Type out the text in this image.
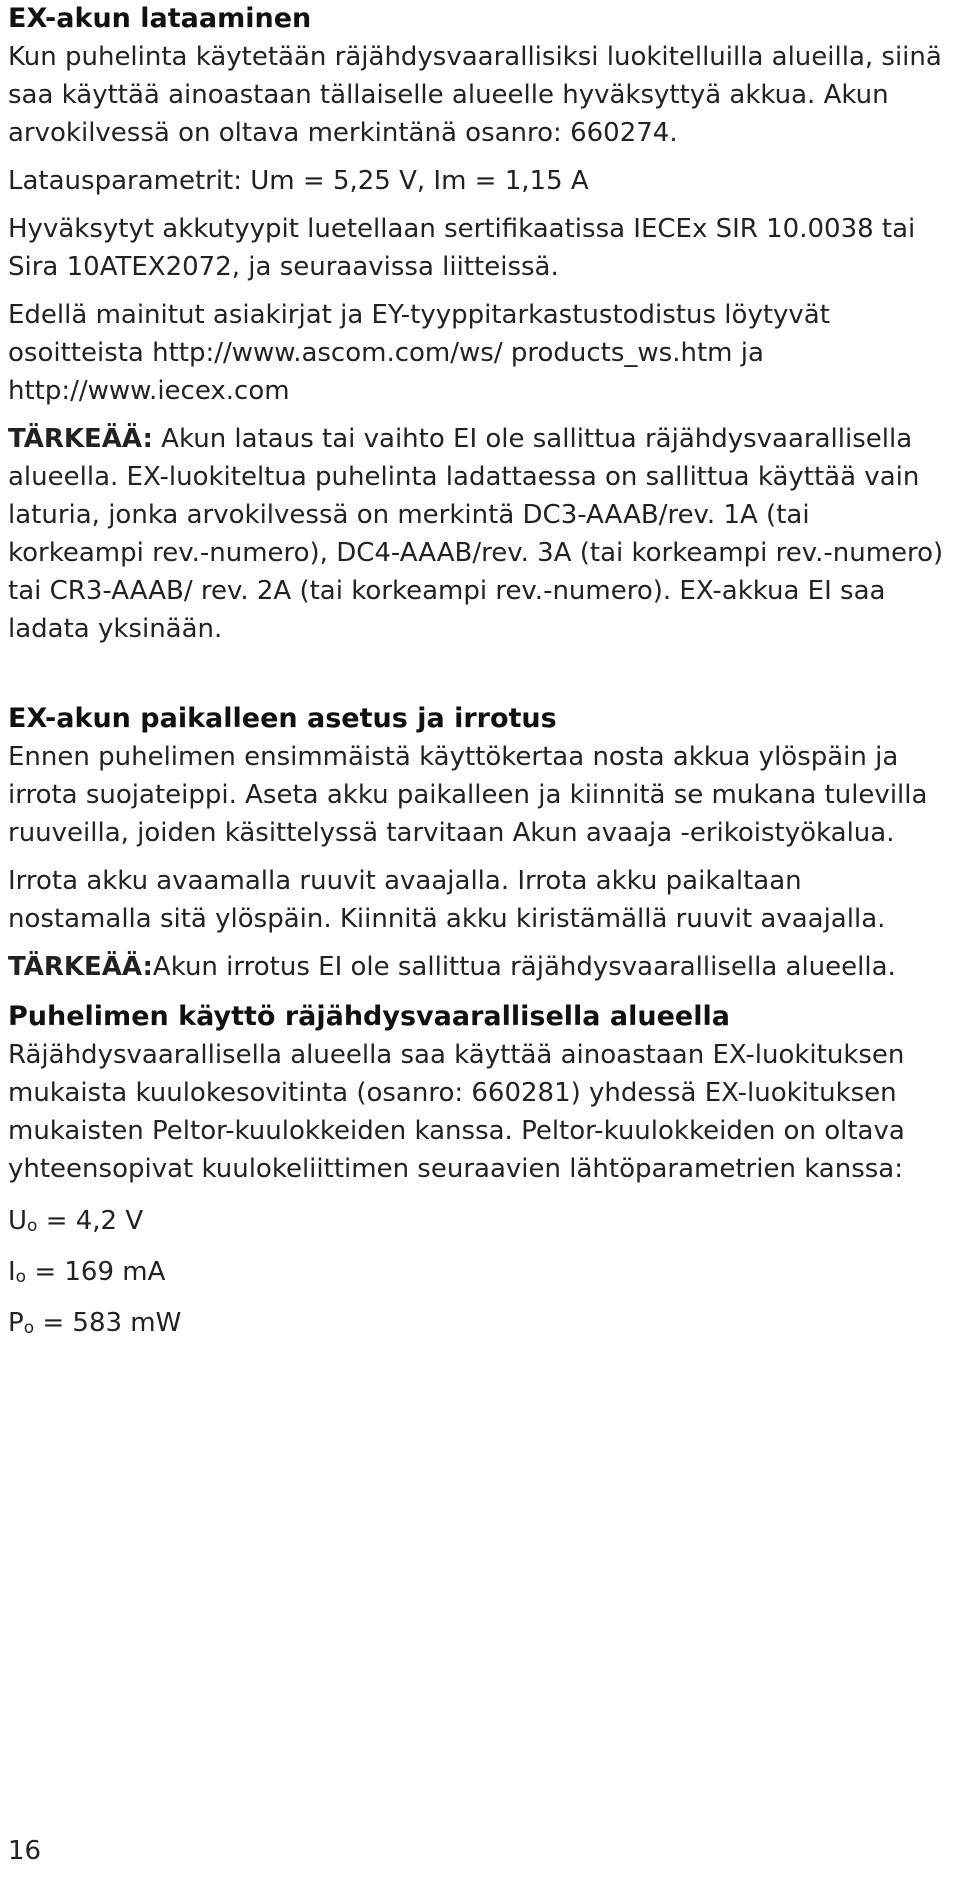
EX-akun lataaminen

Kun puhelinta käytetään räjähdysvaarallisiksi luokitelluilla alueilla, siinä saa käyttää ainoastaan tällaiselle alueelle hyväksyttyä akkua. Akun arvokilvessä on oltava merkintänä osanro: 660274.

Latausparametrit: Um = 5,25 V, Im = 1,15 A

Hyväksytyt akkutyypit luetellaan sertifikaatissa IECEx SIR 10.0038 tai Sira 10ATEX2072, ja seuraavissa liitteissä.

Edellä mainitut asiakirjat ja EY-tyyppitarkastustodistus löytyvät osoitteista http://www.ascom.com/ws/ products_ws.htm ja http://www.iecex.com

TÄRKEÄÄ: Akun lataus tai vaihto EI ole sallittua räjähdysvaarallisella alueella. EX-luokiteltua puhelinta ladattaessa on sallittua käyttää vain laturia, jonka arvokilvessä on merkintä DC3-AAAB/rev. 1A (tai korkeampi rev.-numero), DC4-AAAB/rev. 3A (tai korkeampi rev.-numero) tai CR3-AAAB/ rev. 2A (tai korkeampi rev.-numero). EX-akkua EI saa ladata yksinään.

EX-akun paikalleen asetus ja irrotus

Ennen puhelimen ensimmäistä käyttökertaa nosta akkua ylöspäin ja irrota suojateippi. Aseta akku paikalleen ja kiinnitä se mukana tulevilla ruuveilla, joiden käsittelyssä tarvitaan Akun avaaja -erikoistyökalua.

Irrota akku avaamalla ruuvit avaajalla. Irrota akku paikaltaan nostamalla sitä ylöspäin. Kiinnitä akku kiristämällä ruuvit avaajalla.

TÄRKEÄÄ:Akun irrotus EI ole sallittua räjähdysvaarallisella alueella.

Puhelimen käyttö räjähdysvaarallisella alueella

Räjähdysvaarallisella alueella saa käyttää ainoastaan EX-luokituksen mukaista kuulokesovitinta (osanro: 660281) yhdessä EX-luokituksen mukaisten Peltor-kuulokkeiden kanssa. Peltor-kuulokkeiden on oltava yhteensopivat kuulokeliittimen seuraavien lähtöparametrien kanssa:

Uo = 4,2 V

Io = 169 mA

Po = 583 mW

16
